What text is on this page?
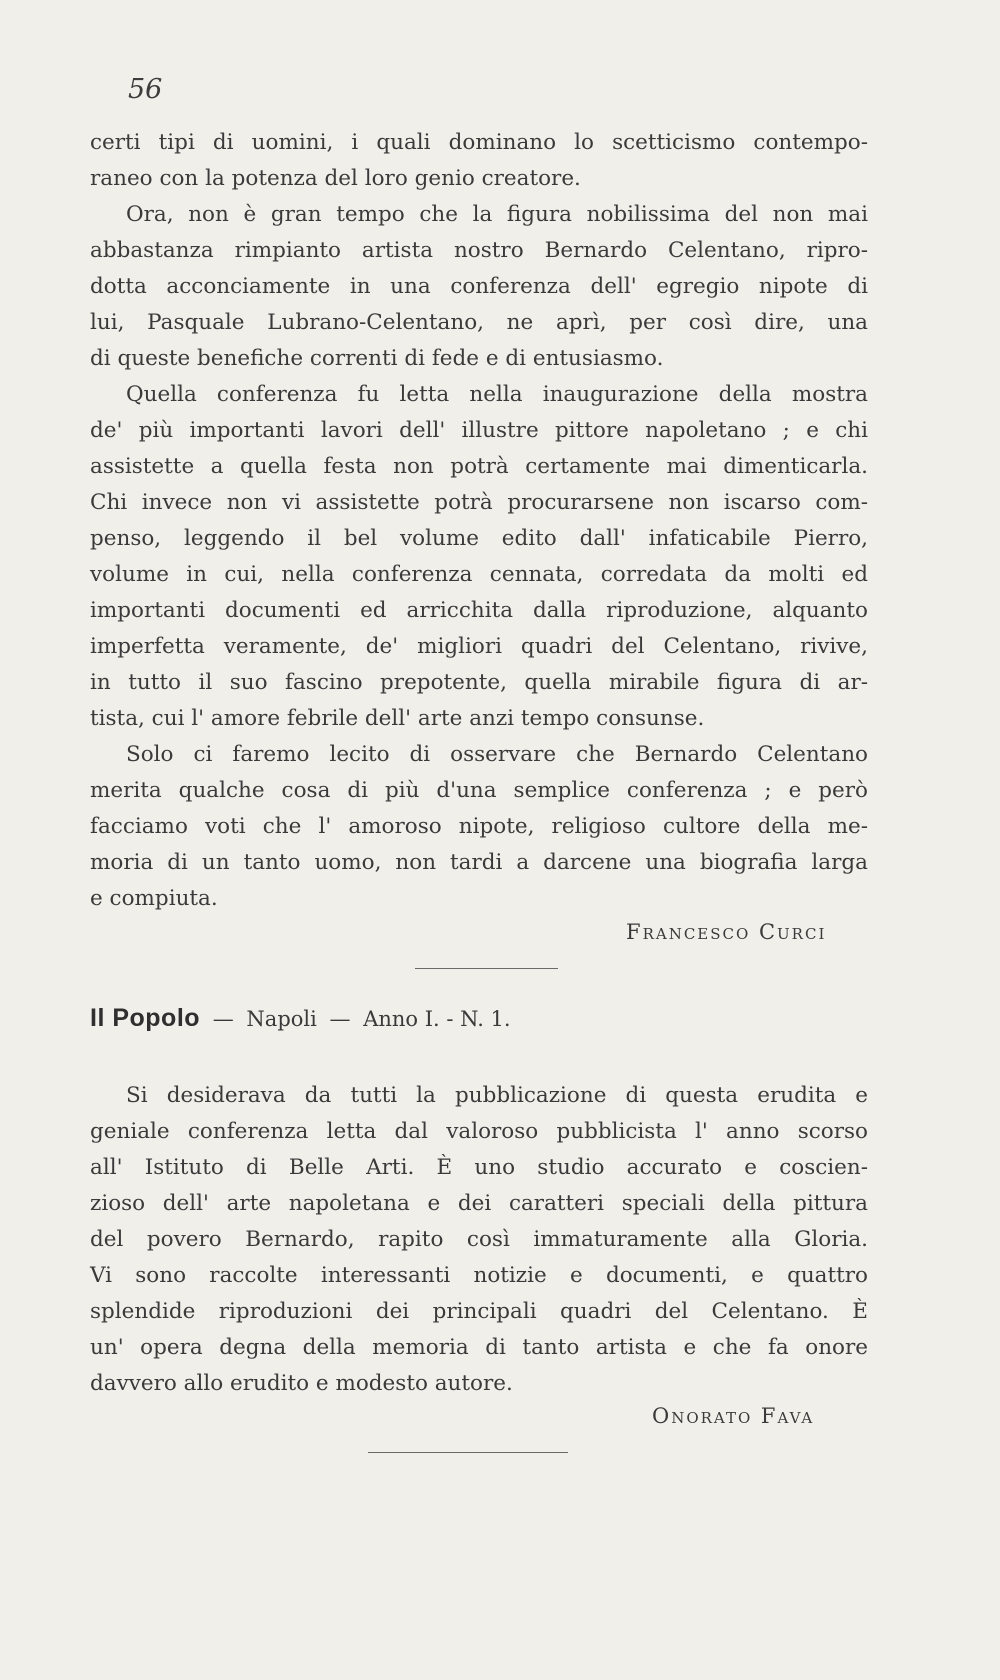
56
certi tipi di uomini, i quali dominano lo scetticismo contempo-
raneo con la potenza del loro genio creatore.
Ora, non è gran tempo che la figura nobilissima del non mai
abbastanza rimpianto artista nostro Bernardo Celentano, ripro-
dotta acconciamente in una conferenza dell' egregio nipote di
lui, Pasquale Lubrano-Celentano, ne aprì, per così dire, una
di queste benefiche correnti di fede e di entusiasmo.
Quella conferenza fu letta nella inaugurazione della mostra
de' più importanti lavori dell' illustre pittore napoletano ; e chi
assistette a quella festa non potrà certamente mai dimenticarla.
Chi invece non vi assistette potrà procurarsene non iscarso com-
penso, leggendo il bel volume edito dall' infaticabile Pierro,
volume in cui, nella conferenza cennata, corredata da molti ed
importanti documenti ed arricchita dalla riproduzione, alquanto
imperfetta veramente, de' migliori quadri del Celentano, rivive,
in tutto il suo fascino prepotente, quella mirabile figura di ar-
tista, cui l' amore febrile dell' arte anzi tempo consunse.
Solo ci faremo lecito di osservare che Bernardo Celentano
merita qualche cosa di più d'una semplice conferenza ; e però
facciamo voti che l' amoroso nipote, religioso cultore della me-
moria di un tanto uomo, non tardi a darcene una biografia larga
e compiuta.
Francesco Curci
Il Popolo — Napoli — Anno I. - N. 1.
Si desiderava da tutti la pubblicazione di questa erudita e
geniale conferenza letta dal valoroso pubblicista l' anno scorso
all' Istituto di Belle Arti. È uno studio accurato e coscien-
zioso dell' arte napoletana e dei caratteri speciali della pittura
del povero Bernardo, rapito così immaturamente alla Gloria.
Vi sono raccolte interessanti notizie e documenti, e quattro
splendide riproduzioni dei principali quadri del Celentano. È
un' opera degna della memoria di tanto artista e che fa onore
davvero allo erudito e modesto autore.
Onorato Fava
